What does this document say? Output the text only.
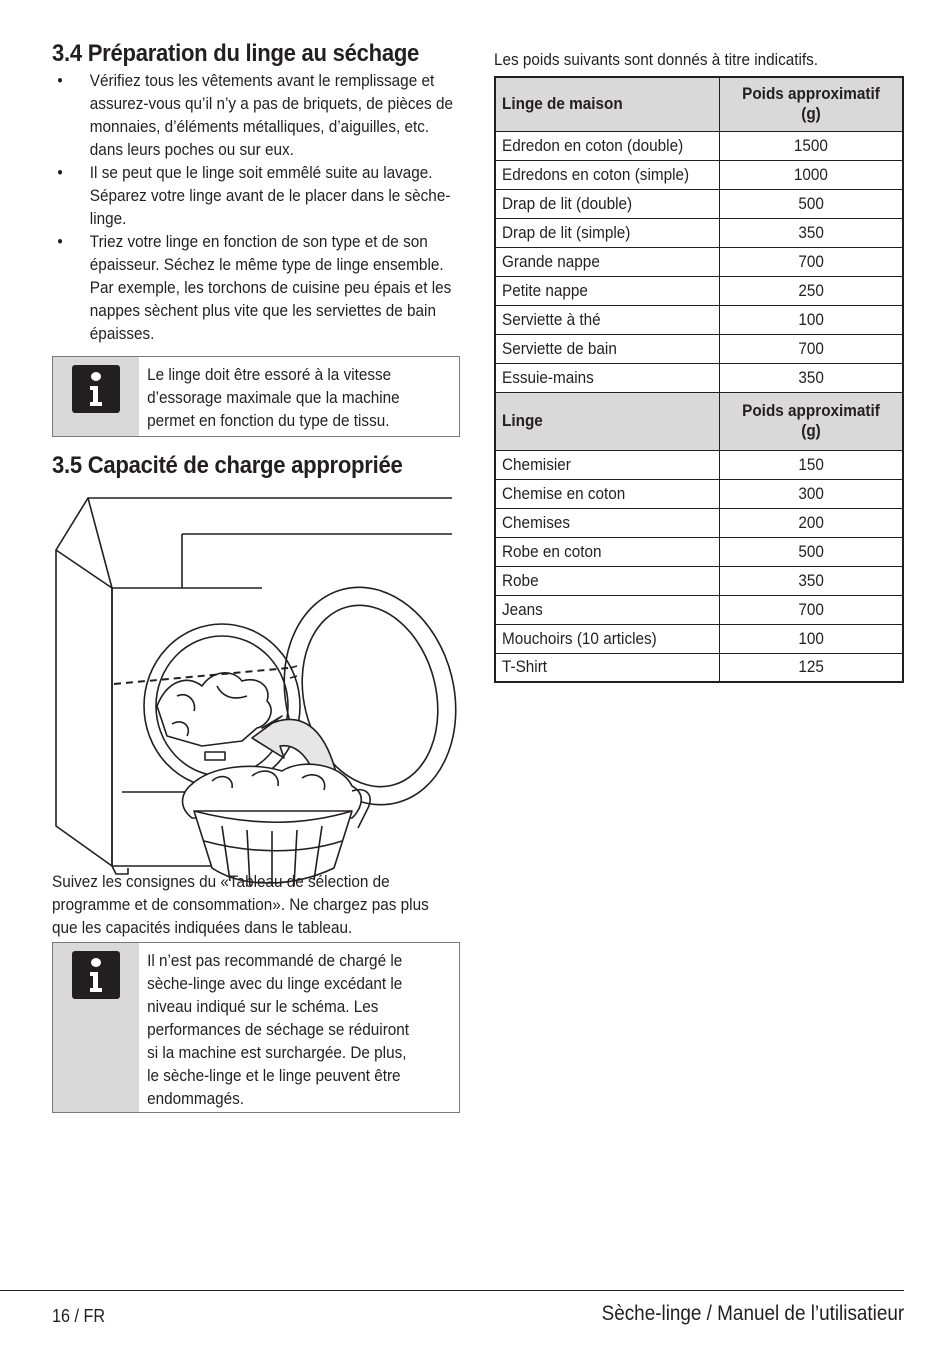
3.4 Préparation du linge au séchage
• Vérifiez tous les vêtements avant le remplissage et assurez-vous qu’il n’y a pas de briquets, de pièces de monnaies, d’éléments métalliques, d’aiguilles, etc. dans leurs poches ou sur eux.
• Il se peut que le linge soit emmêlé suite au lavage. Séparez votre linge avant de le placer dans le sèche-linge.
• Triez votre linge en fonction de son type et de son épaisseur. Séchez le même type de linge ensemble. Par exemple, les torchons de cuisine peu épais et les nappes sèchent plus vite que les serviettes de bain épaisses.
Le linge doit être essoré à la vitesse d’essorage maximale que la machine permet en fonction du type de tissu.
3.5 Capacité de charge appropriée
Suivez les consignes du «Tableau de sélection de programme et de consommation». Ne chargez pas plus que les capacités indiquées dans le tableau.
Il n’est pas recommandé de chargé le sèche-linge avec du linge excédant le niveau indiqué sur le schéma. Les performances de séchage se réduiront si la machine est surchargée. De plus, le sèche-linge et le linge peuvent être endommagés.
Les poids suivants sont donnés à titre indicatifs.
Linge de maison	Poids approximatif (g)
Edredon en coton (double)	1500
Edredons en coton (simple)	1000
Drap de lit (double)	500
Drap de lit (simple)	350
Grande nappe	700
Petite nappe	250
Serviette à thé	100
Serviette de bain	700
Essuie-mains	350
Linge	Poids approximatif (g)
Chemisier	150
Chemise en coton	300
Chemises	200
Robe en coton	500
Robe	350
Jeans	700
Mouchoirs (10 articles)	100
T-Shirt	125
16 / FR	Sèche-linge / Manuel de l’utilisatieur
